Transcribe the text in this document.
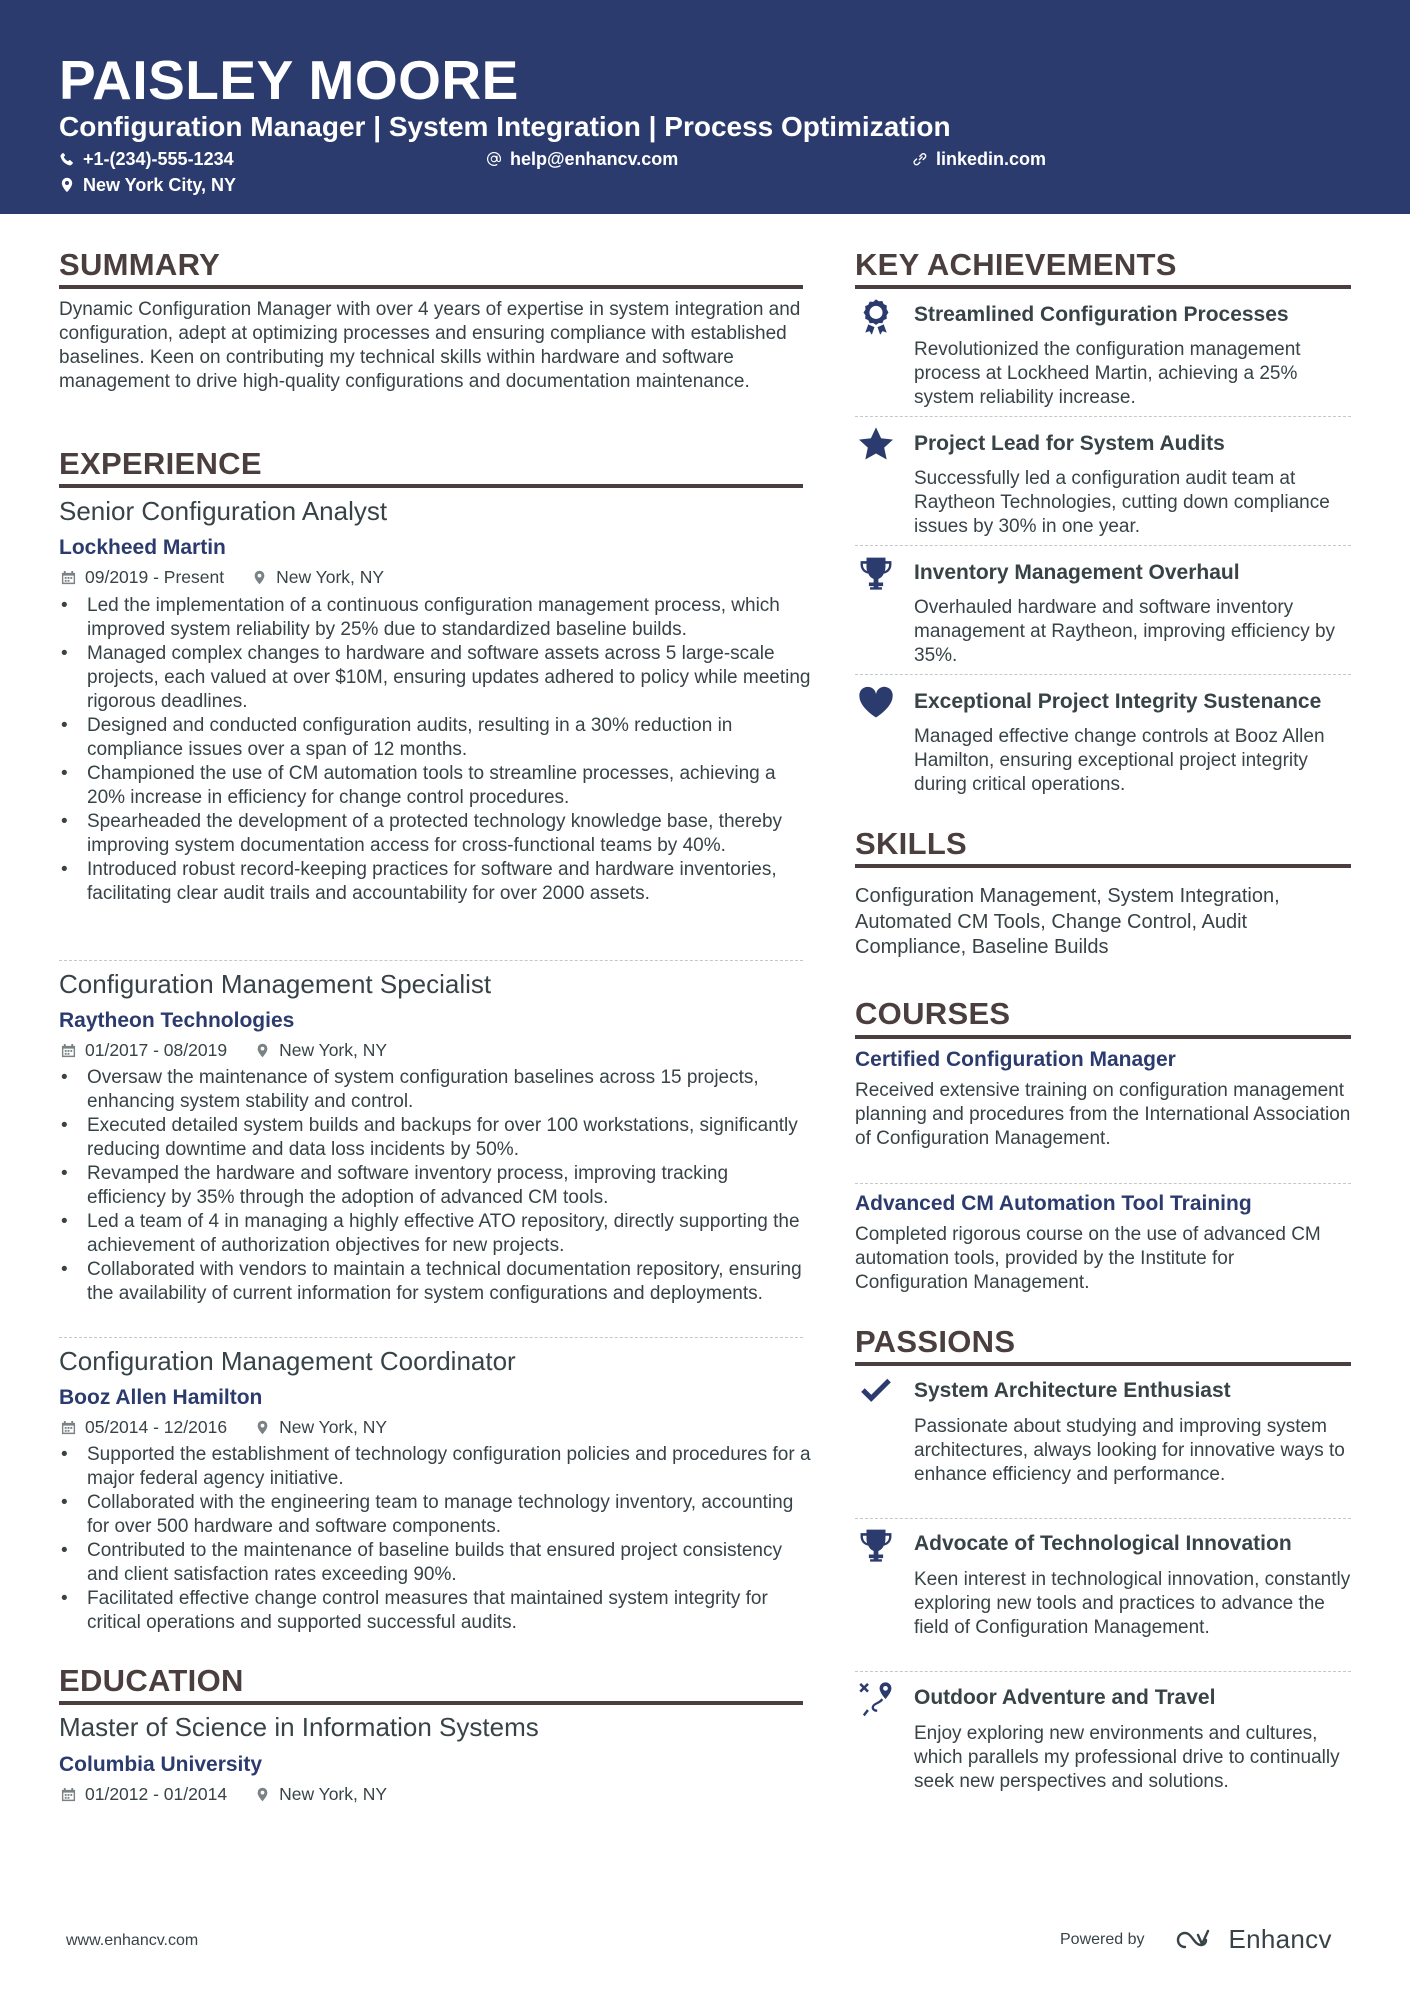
PAISLEY MOORE
Configuration Manager | System Integration | Process Optimization
+1-(234)-555-1234	help@enhancv.com	linkedin.com
New York City, NY
SUMMARY
Dynamic Configuration Manager with over 4 years of expertise in system integration and configuration, adept at optimizing processes and ensuring compliance with established baselines. Keen on contributing my technical skills within hardware and software management to drive high-quality configurations and documentation maintenance.
EXPERIENCE
Senior Configuration Analyst
Lockheed Martin
09/2019 - Present	New York, NY
• Led the implementation of a continuous configuration management process, which improved system reliability by 25% due to standardized baseline builds.
• Managed complex changes to hardware and software assets across 5 large-scale projects, each valued at over $10M, ensuring updates adhered to policy while meeting rigorous deadlines.
• Designed and conducted configuration audits, resulting in a 30% reduction in compliance issues over a span of 12 months.
• Championed the use of CM automation tools to streamline processes, achieving a 20% increase in efficiency for change control procedures.
• Spearheaded the development of a protected technology knowledge base, thereby improving system documentation access for cross-functional teams by 40%.
• Introduced robust record-keeping practices for software and hardware inventories, facilitating clear audit trails and accountability for over 2000 assets.
Configuration Management Specialist
Raytheon Technologies
01/2017 - 08/2019	New York, NY
• Oversaw the maintenance of system configuration baselines across 15 projects, enhancing system stability and control.
• Executed detailed system builds and backups for over 100 workstations, significantly reducing downtime and data loss incidents by 50%.
• Revamped the hardware and software inventory process, improving tracking efficiency by 35% through the adoption of advanced CM tools.
• Led a team of 4 in managing a highly effective ATO repository, directly supporting the achievement of authorization objectives for new projects.
• Collaborated with vendors to maintain a technical documentation repository, ensuring the availability of current information for system configurations and deployments.
Configuration Management Coordinator
Booz Allen Hamilton
05/2014 - 12/2016	New York, NY
• Supported the establishment of technology configuration policies and procedures for a major federal agency initiative.
• Collaborated with the engineering team to manage technology inventory, accounting for over 500 hardware and software components.
• Contributed to the maintenance of baseline builds that ensured project consistency and client satisfaction rates exceeding 90%.
• Facilitated effective change control measures that maintained system integrity for critical operations and supported successful audits.
EDUCATION
Master of Science in Information Systems
Columbia University
01/2012 - 01/2014	New York, NY
KEY ACHIEVEMENTS
Streamlined Configuration Processes
Revolutionized the configuration management process at Lockheed Martin, achieving a 25% system reliability increase.
Project Lead for System Audits
Successfully led a configuration audit team at Raytheon Technologies, cutting down compliance issues by 30% in one year.
Inventory Management Overhaul
Overhauled hardware and software inventory management at Raytheon, improving efficiency by 35%.
Exceptional Project Integrity Sustenance
Managed effective change controls at Booz Allen Hamilton, ensuring exceptional project integrity during critical operations.
SKILLS
Configuration Management, System Integration, Automated CM Tools, Change Control, Audit Compliance, Baseline Builds
COURSES
Certified Configuration Manager
Received extensive training on configuration management planning and procedures from the International Association of Configuration Management.
Advanced CM Automation Tool Training
Completed rigorous course on the use of advanced CM automation tools, provided by the Institute for Configuration Management.
PASSIONS
System Architecture Enthusiast
Passionate about studying and improving system architectures, always looking for innovative ways to enhance efficiency and performance.
Advocate of Technological Innovation
Keen interest in technological innovation, constantly exploring new tools and practices to advance the field of Configuration Management.
Outdoor Adventure and Travel
Enjoy exploring new environments and cultures, which parallels my professional drive to continually seek new perspectives and solutions.
www.enhancv.com	Powered by	Enhancv
